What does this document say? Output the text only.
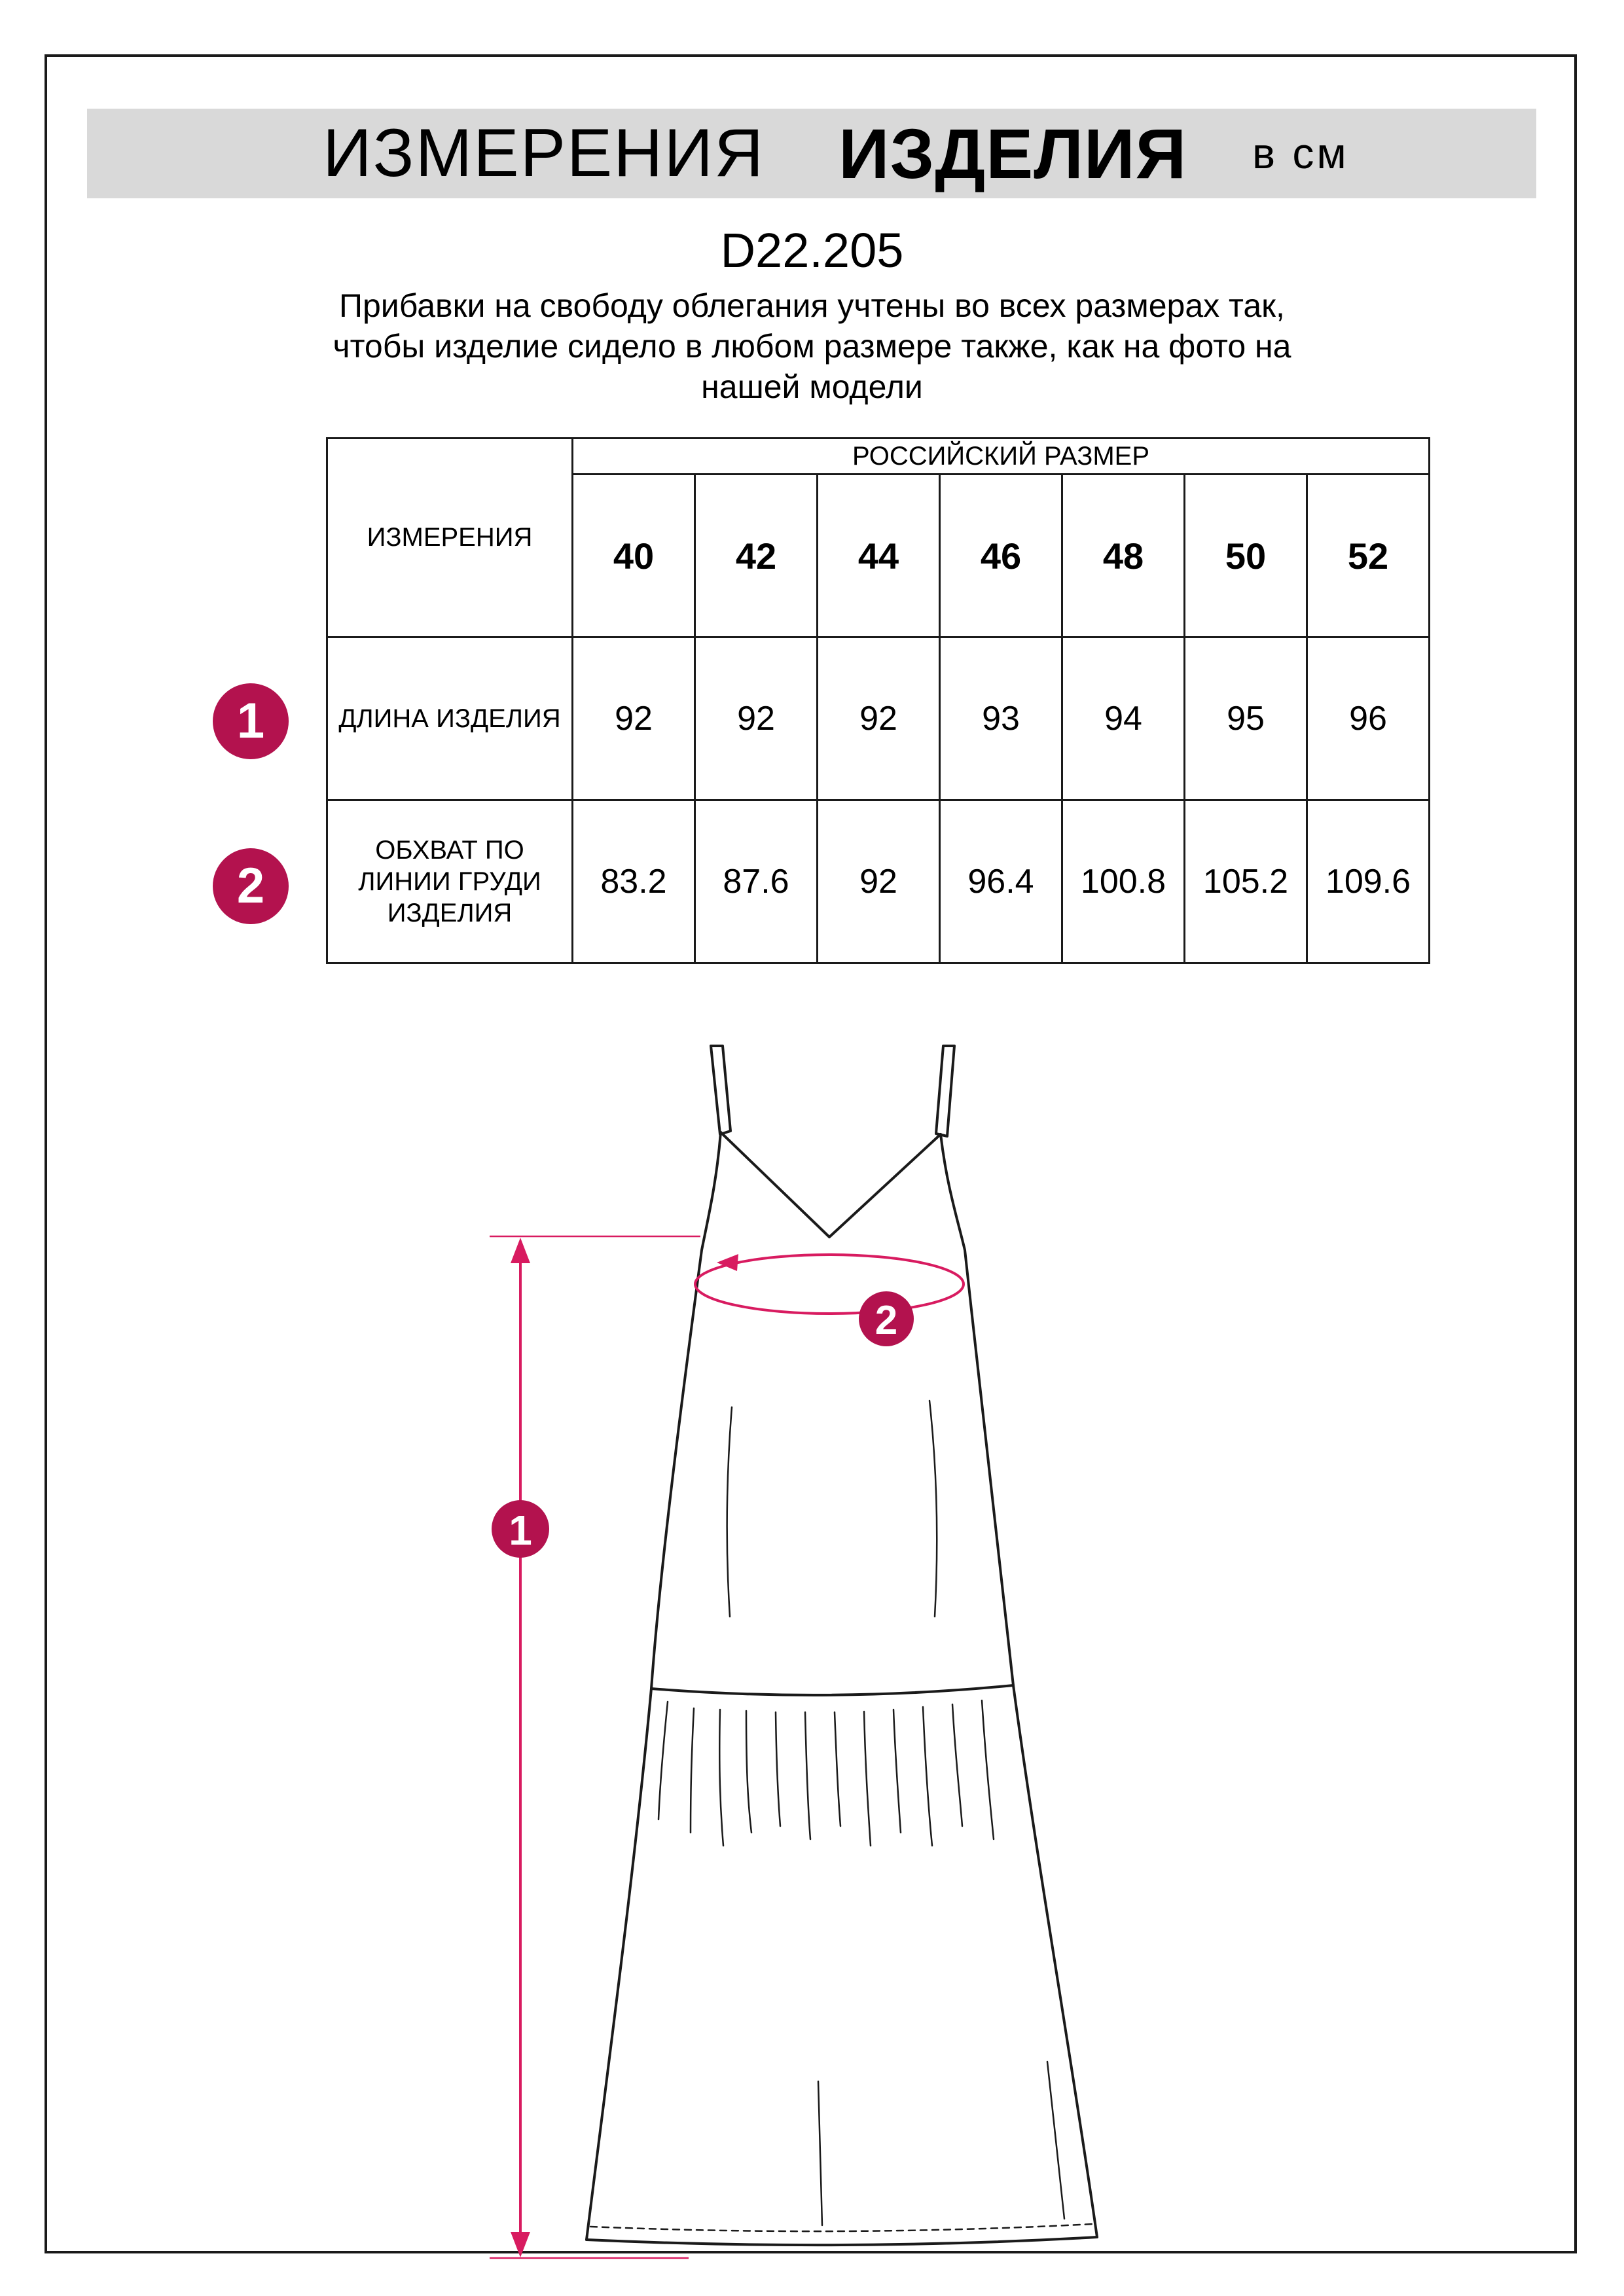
ИЗМЕРЕНИЯ ИЗДЕЛИЯ в см
D22.205
Прибавки на свободу облегания учтены во всех размерах так,
чтобы изделие сидело в любом размере также, как на фото на
нашей модели
ИЗМЕРЕНИЯ	РОССИЙСКИЙ РАЗМЕР						
	40	42	44	46	48	50	52
ДЛИНА ИЗДЕЛИЯ	92	92	92	93	94	95	96

ОБХВАТ ПО
ЛИНИИ ГРУДИ
ИЗДЕЛИЯ	83.2	87.6	92	96.4	100.8	105.2	109.6
1
2
1
2
